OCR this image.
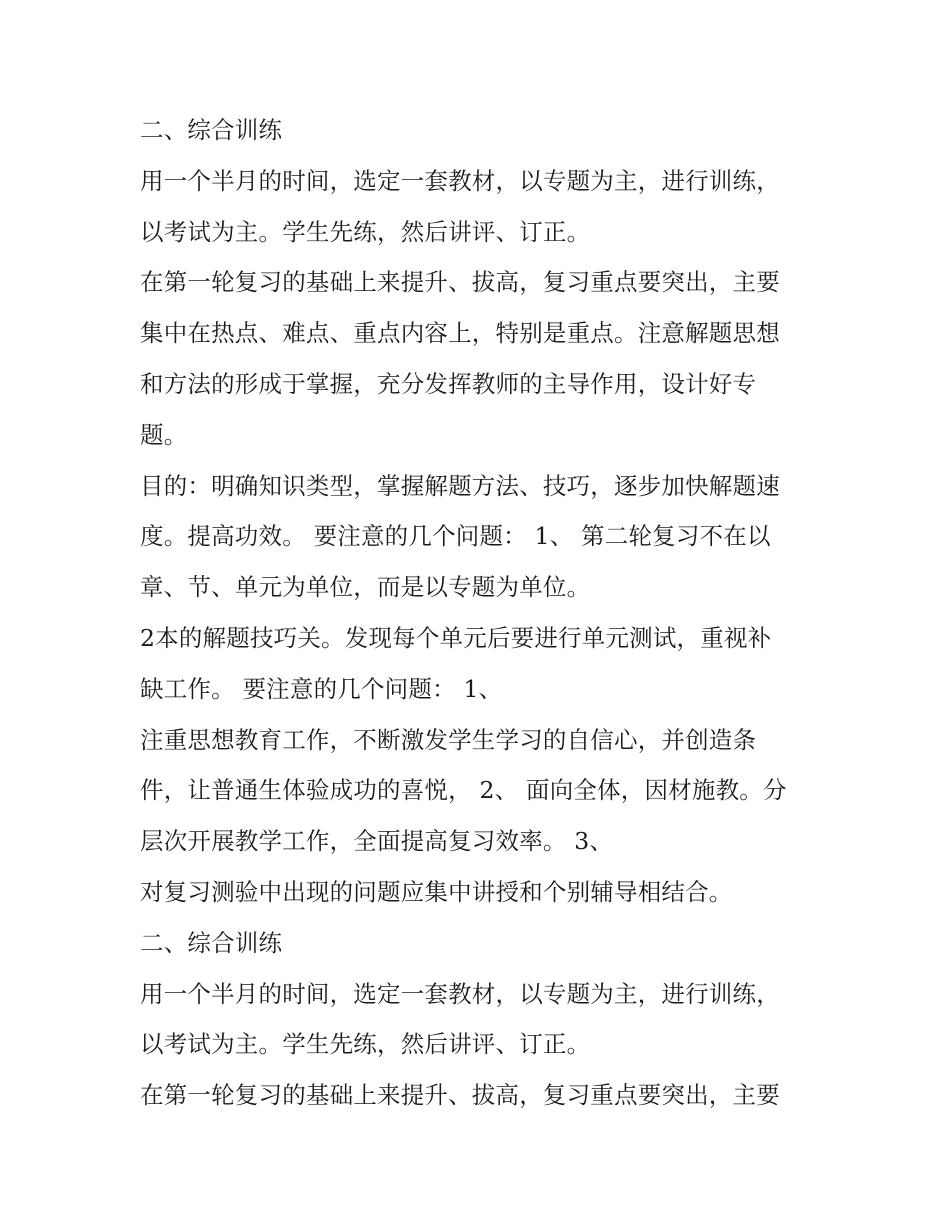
二、综合训练
用一个半月的时间，选定一套教材，以专题为主，进行训练，
以考试为主。学生先练，然后讲评、订正。
在第一轮复习的基础上来提升、拔高，复习重点要突出，主要
集中在热点、难点、重点内容上，特别是重点。注意解题思想
和方法的形成于掌握，充分发挥教师的主导作用，设计好专
题。
目的：明确知识类型，掌握解题方法、技巧，逐步加快解题速
度。提高功效。 要注意的几个问题： 1、 第二轮复习不在以
章、节、单元为单位，而是以专题为单位。
2本的解题技巧关。发现每个单元后要进行单元测试，重视补
缺工作。 要注意的几个问题： 1、
注重思想教育工作，不断激发学生学习的自信心，并创造条
件，让普通生体验成功的喜悦， 2、 面向全体，因材施教。分
层次开展教学工作，全面提高复习效率。 3、
对复习测验中出现的问题应集中讲授和个别辅导相结合。
二、综合训练
用一个半月的时间，选定一套教材，以专题为主，进行训练，
以考试为主。学生先练，然后讲评、订正。
在第一轮复习的基础上来提升、拔高，复习重点要突出，主要
